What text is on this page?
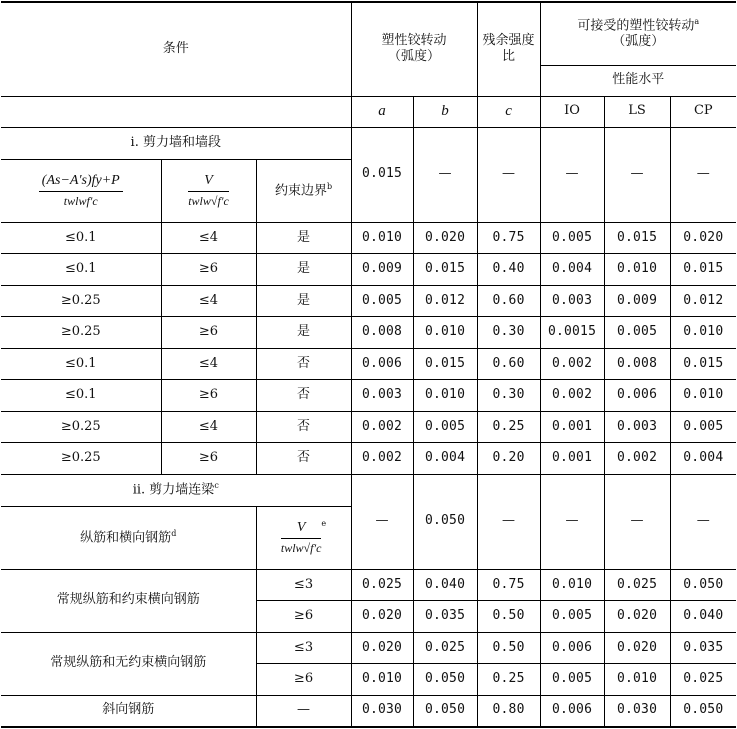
条件			塑性铰转动
（弧度）		残余强度比	可接受的塑性铰转动$^a$
（弧度）		
						性能水平		
			a	b	c	IO	LS	CP
i. 剪力墙和墙段			0.015	—	—	—	—	—

$\frac{(As-A's)fy+P}{\text{twlwf′c}}$	$\frac{V}{\text{twlw√f′c}}$	约束边界$^b$
≤0.1	≤4	是	0.010	0.020	0.75	0.005	0.015	0.020
≤0.1	≥6	是	0.009	0.015	0.40	0.004	0.010	0.015
≥0.25	≤4	是	0.005	0.012	0.60	0.003	0.009	0.012
≥0.25	≥6	是	0.008	0.010	0.30	0.0015	0.005	0.010
≤0.1	≤4	否	0.006	0.015	0.60	0.002	0.008	0.015
≤0.1	≥6	否	0.003	0.010	0.30	0.002	0.006	0.010
≥0.25	≤4	否	0.002	0.005	0.25	0.001	0.003	0.005
≥0.25	≥6	否	0.002	0.004	0.20	0.001	0.002	0.004
ii. 剪力墙连梁$^c$			—	0.050	—	—	—	—
纵筋和横向钢筋$^d$		$\frac{V}{\text{twlw√f′c}} ^e$
常规纵筋和约束横向钢筋		≤3	0.025	0.040	0.75	0.010	0.025	0.050
		≥6	0.020	0.035	0.50	0.005	0.020	0.040
常规纵筋和无约束横向钢筋		≤3	0.020	0.025	0.50	0.006	0.020	0.035
		≥6	0.010	0.050	0.25	0.005	0.010	0.025
斜向钢筋		—	0.030	0.050	0.80	0.006	0.030	0.050
